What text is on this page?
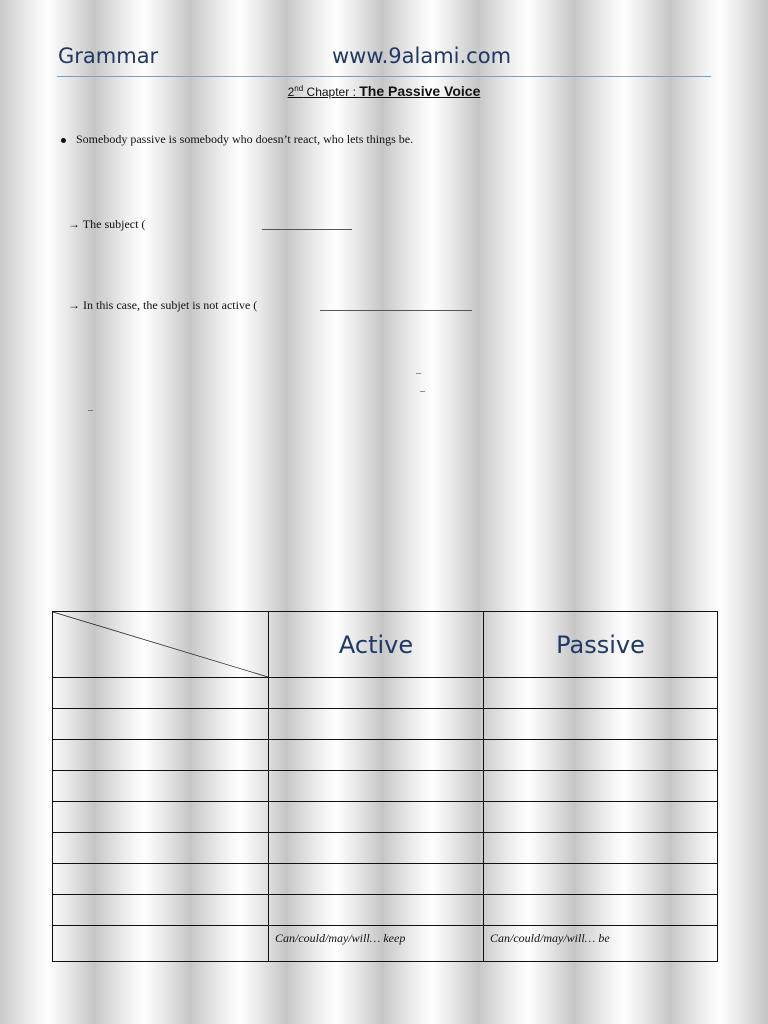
Grammar	www.9alami.com
2nd Chapter : The Passive Voice
Somebody passive is somebody who doesn’t react, who lets things be.
→ The subject (
→ In this case, the subjet is not active (
_
_
_
	Active	Passive

	Can/could/may/will… keep	Can/could/may/will… be
